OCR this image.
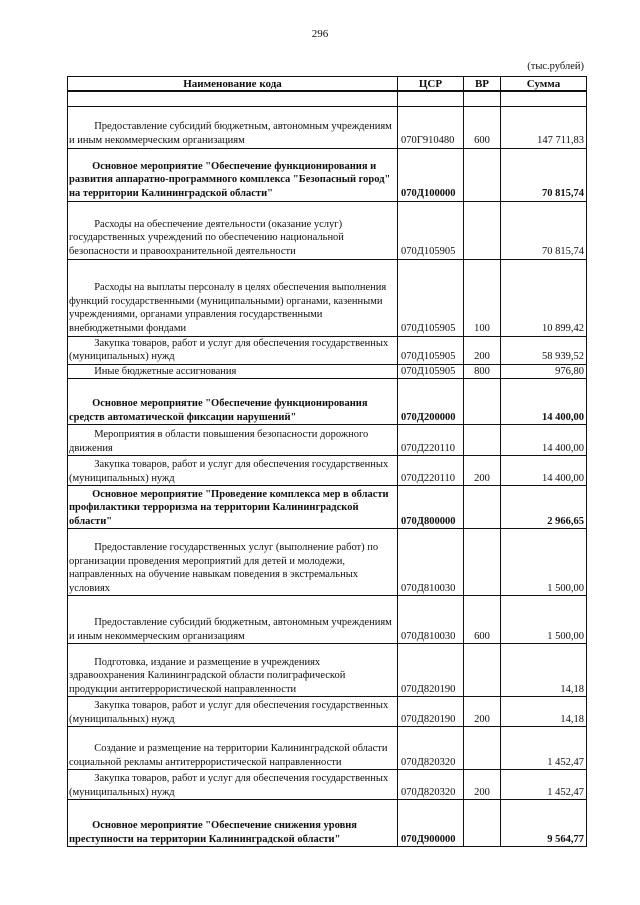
296
(тыс.рублей)
Наименование кода	ЦСР	ВР	Сумма

Предоставление субсидий бюджетным, автономным учреждениям и иным некоммерческим организациям	070Г910480	600	147 711,83

Основное мероприятие "Обеспечение функционирования и развития аппаратно-программного комплекса "Безопасный город" на территории Калининградской области"	070Д100000		70 815,74

Расходы на обеспечение деятельности (оказание услуг) государственных учреждений по обеспечению национальной безопасности и правоохранительной деятельности	070Д105905		70 815,74

Расходы на выплаты персоналу в целях обеспечения выполнения функций государственными (муниципальными) органами, казенными учреждениями, органами управления государственными внебюджетными фондами	070Д105905	100	10 899,42

Закупка товаров, работ и услуг для обеспечения государственных (муниципальных) нужд	070Д105905	200	58 939,52

Иные бюджетные ассигнования	070Д105905	800	976,80

Основное мероприятие "Обеспечение функционирования средств автоматической фиксации нарушений"	070Д200000		14 400,00

Мероприятия в области повышения безопасности дорожного движения	070Д220110		14 400,00

Закупка товаров, работ и услуг для обеспечения государственных (муниципальных) нужд	070Д220110	200	14 400,00

Основное мероприятие "Проведение комплекса мер в области профилактики терроризма на территории Калининградской области"	070Д800000		2 966,65

Предоставление государственных услуг (выполнение работ) по организации проведения мероприятий для детей и молодежи, направленных на обучение навыкам поведения в экстремальных условиях	070Д810030		1 500,00

Предоставление субсидий бюджетным, автономным учреждениям и иным некоммерческим организациям	070Д810030	600	1 500,00

Подготовка, издание и размещение в учреждениях здравоохранения Калининградской области полиграфической продукции антитеррористической направленности	070Д820190		14,18

Закупка товаров, работ и услуг для обеспечения государственных (муниципальных) нужд	070Д820190	200	14,18

Создание и размещение на территории Калининградской области социальной рекламы антитеррористической направленности	070Д820320		1 452,47

Закупка товаров, работ и услуг для обеспечения государственных (муниципальных) нужд	070Д820320	200	1 452,47

Основное мероприятие "Обеспечение снижения уровня преступности на территории Калининградской области"	070Д900000		9 564,77
